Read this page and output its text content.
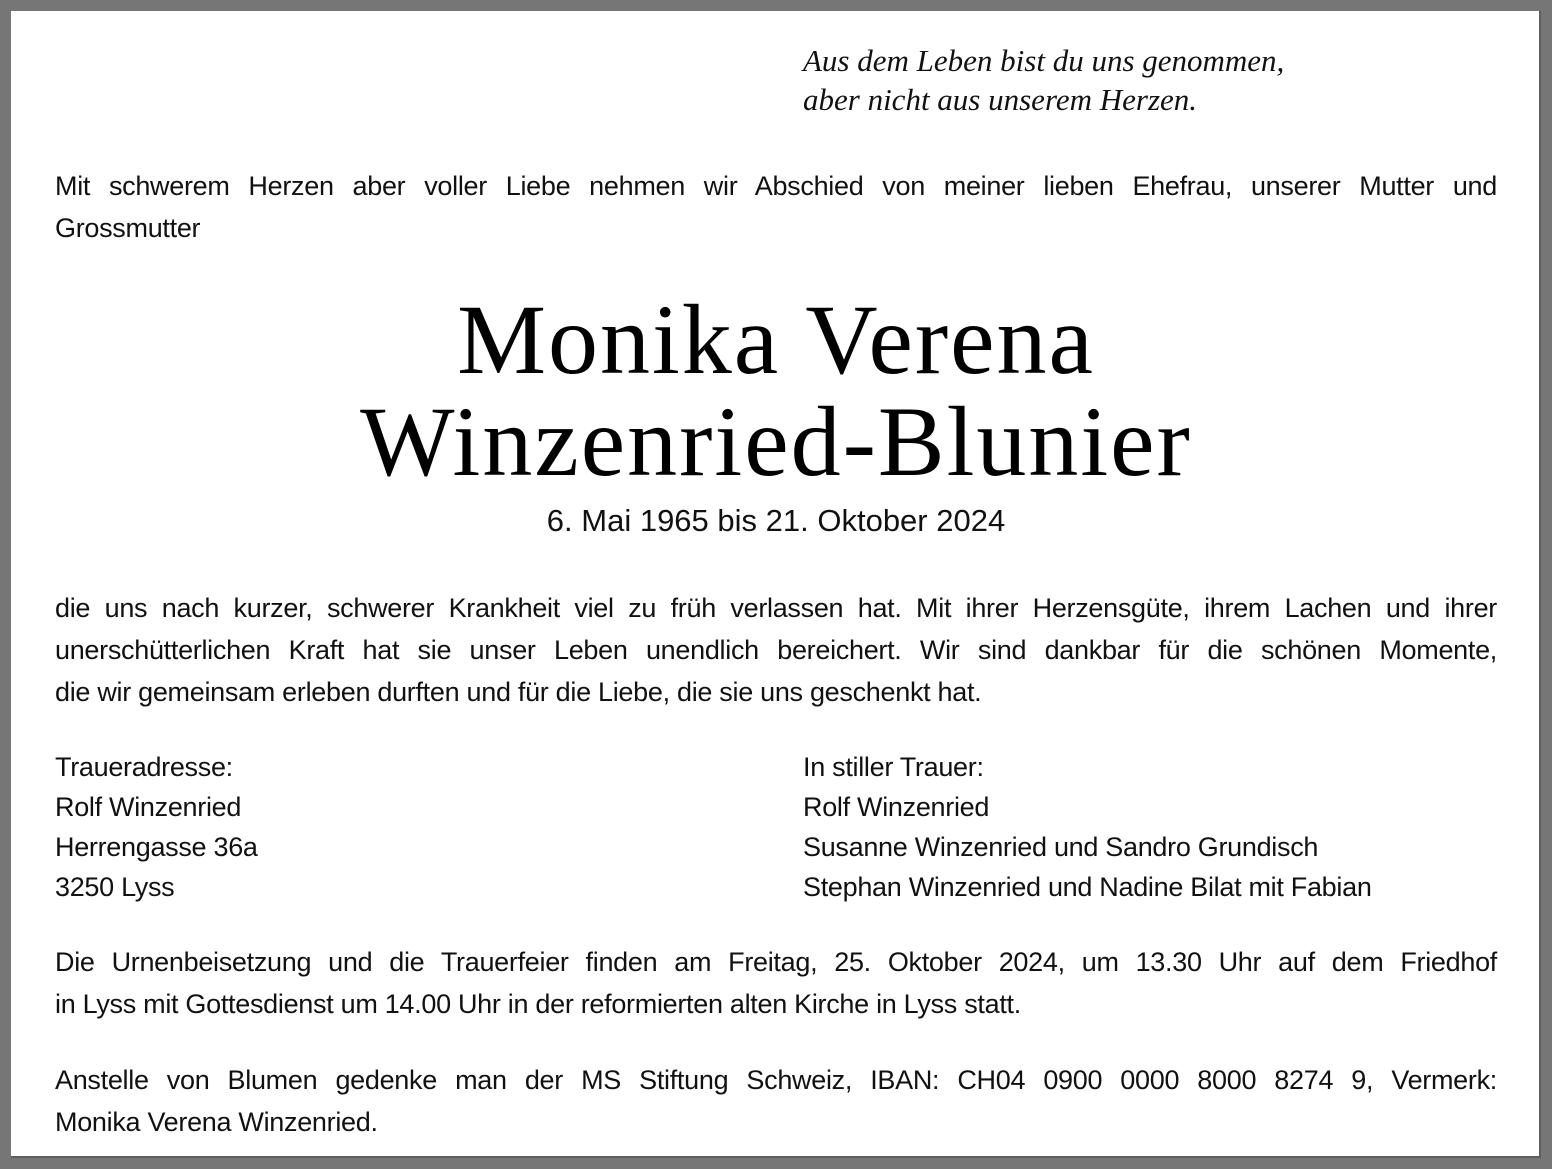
Aus dem Leben bist du uns genommen,
aber nicht aus unserem Herzen.
Mit schwerem Herzen aber voller Liebe nehmen wir Abschied von meiner lieben Ehefrau, unserer Mutter und
Grossmutter
Monika Verena
Winzenried-Blunier
6. Mai 1965 bis 21. Oktober 2024
die uns nach kurzer, schwerer Krankheit viel zu früh verlassen hat. Mit ihrer Herzensgüte, ihrem Lachen und ihrer
unerschütterlichen Kraft hat sie unser Leben unendlich bereichert. Wir sind dankbar für die schönen Momente,
die wir gemeinsam erleben durften und für die Liebe, die sie uns geschenkt hat.
Traueradresse:
Rolf Winzenried
Herrengasse 36a
3250 Lyss
In stiller Trauer:
Rolf Winzenried
Susanne Winzenried und Sandro Grundisch
Stephan Winzenried und Nadine Bilat mit Fabian
Die Urnenbeisetzung und die Trauerfeier finden am Freitag, 25. Oktober 2024, um 13.30 Uhr auf dem Friedhof
in Lyss mit Gottesdienst um 14.00 Uhr in der reformierten alten Kirche in Lyss statt.
Anstelle von Blumen gedenke man der MS Stiftung Schweiz, IBAN: CH04 0900 0000 8000 8274 9, Vermerk:
Monika Verena Winzenried.
